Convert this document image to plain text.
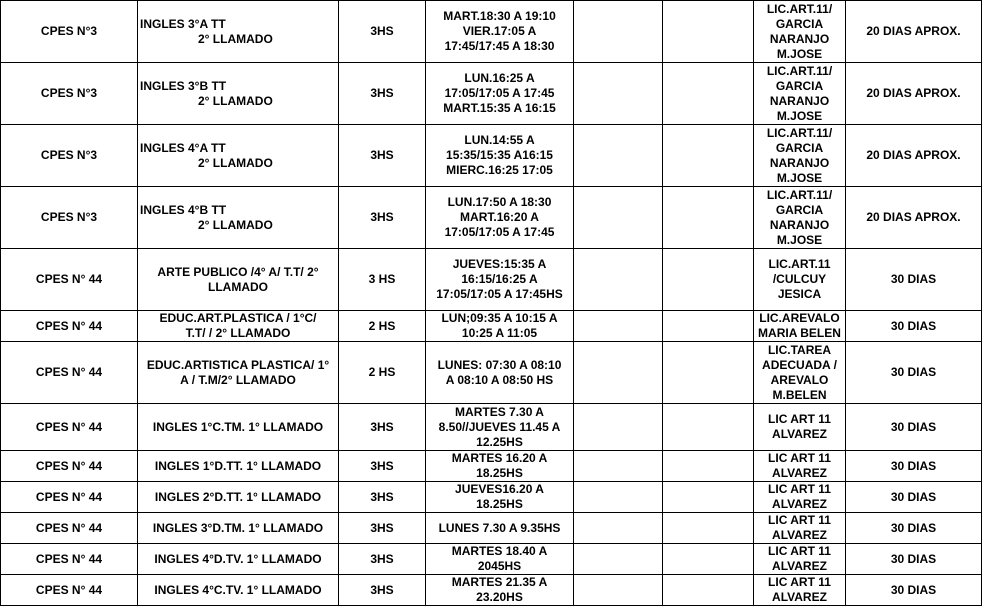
CPES N°3	INGLES 3°A TT
2° LLAMADO	3HS	MART.18:30 A 19:10
VIER.17:05 A
17:45/17:45 A 18:30			LIC.ART.11/
GARCIA
NARANJO
M.JOSE	20 DIAS APROX.
CPES N°3	INGLES 3°B TT
2° LLAMADO	3HS	LUN.16:25 A
17:05/17:05 A 17:45
MART.15:35 A 16:15			LIC.ART.11/
GARCIA
NARANJO
M.JOSE	20 DIAS APROX.
CPES N°3	INGLES 4°A TT
2° LLAMADO	3HS	LUN.14:55 A
15:35/15:35 A16:15
MIERC.16:25 17:05			LIC.ART.11/
GARCIA
NARANJO
M.JOSE	20 DIAS APROX.
CPES N°3	INGLES 4°B TT
2° LLAMADO	3HS	LUN.17:50 A 18:30
MART.16:20 A
17:05/17:05 A 17:45			LIC.ART.11/
GARCIA
NARANJO
M.JOSE	20 DIAS APROX.
CPES N° 44	ARTE PUBLICO /4° A/ T.T/ 2°
LLAMADO	3 HS	JUEVES:15:35 A
16:15/16:25 A
17:05/17:05 A 17:45HS			LIC.ART.11
/CULCUY
JESICA	30 DIAS
CPES N° 44	EDUC.ART.PLASTICA / 1°C/
T.T/ / 2° LLAMADO	2 HS	LUN;09:35 A 10:15 A
10:25 A 11:05			LIC.AREVALO
MARIA BELEN	30 DIAS
CPES N° 44	EDUC.ARTISTICA PLASTICA/ 1°
A / T.M/2° LLAMADO	2 HS	LUNES: 07:30 A 08:10
A 08:10 A 08:50 HS			LIC.TAREA
ADECUADA /
AREVALO
M.BELEN	30 DIAS
CPES N° 44	INGLES 1°C.TM. 1° LLAMADO	3HS	MARTES 7.30 A
8.50//JUEVES 11.45 A
12.25HS			LIC ART 11
ALVAREZ	30 DIAS
CPES N° 44	INGLES 1°D.TT. 1° LLAMADO	3HS	MARTES 16.20 A
18.25HS			LIC ART 11
ALVAREZ	30 DIAS
CPES N° 44	INGLES 2°D.TT. 1° LLAMADO	3HS	JUEVES16.20 A
18.25HS			LIC ART 11
ALVAREZ	30 DIAS
CPES N° 44	INGLES 3°D.TM. 1° LLAMADO	3HS	LUNES 7.30 A 9.35HS			LIC ART 11
ALVAREZ	30 DIAS
CPES N° 44	INGLES 4°D.TV. 1° LLAMADO	3HS	MARTES 18.40 A
2045HS			LIC ART 11
ALVAREZ	30 DIAS
CPES N° 44	INGLES 4°C.TV. 1° LLAMADO	3HS	MARTES 21.35 A
23.20HS			LIC ART 11
ALVAREZ	30 DIAS
